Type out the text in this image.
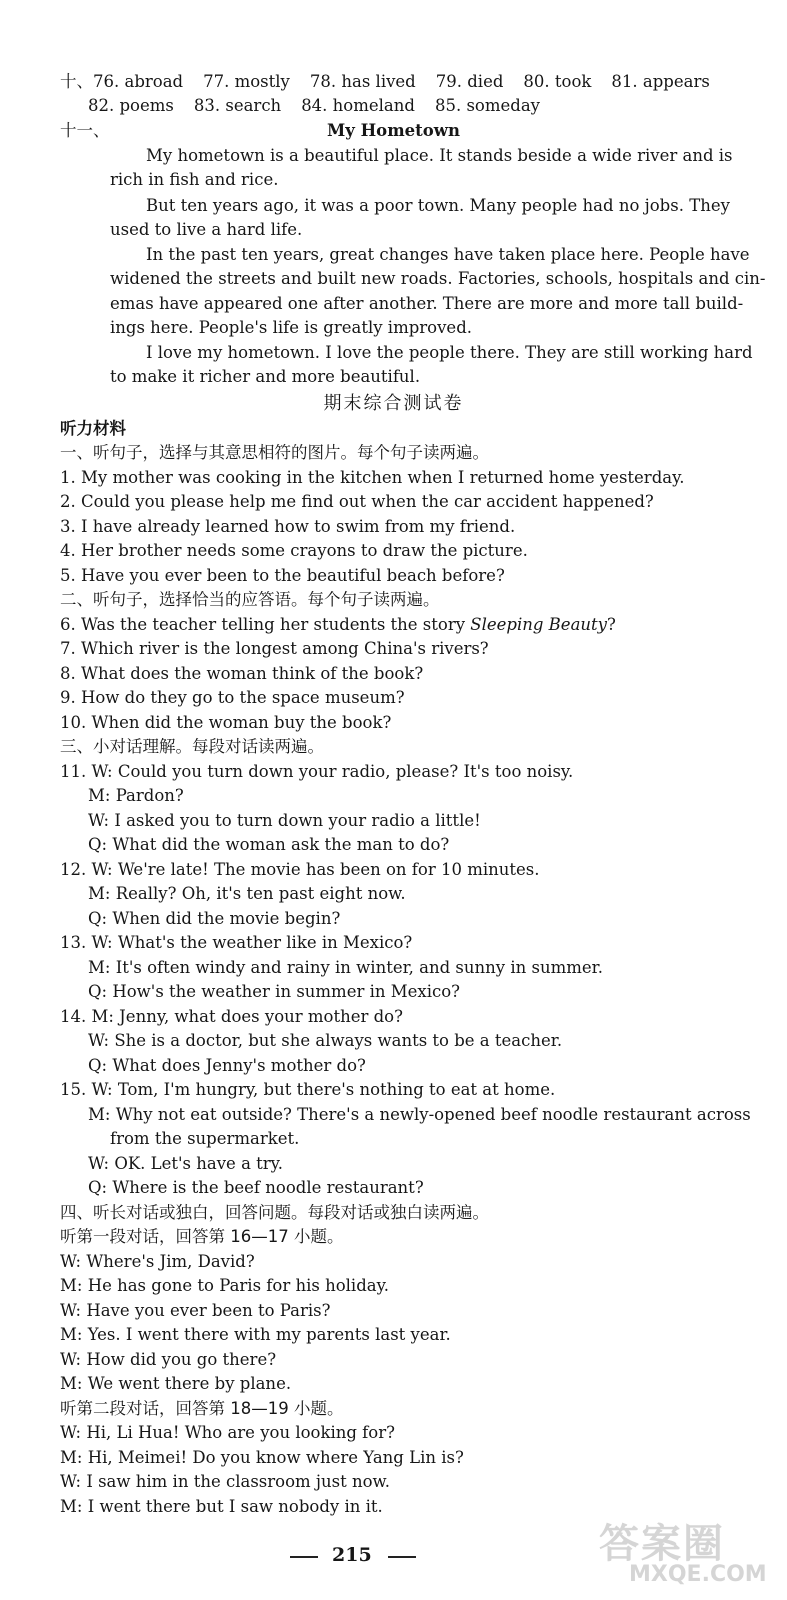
十、76. abroad 77. mostly 78. has lived 79. died 80. took 81. appears
82. poems 83. search 84. homeland 85. someday
十一、	My Hometown
My hometown is a beautiful place. It stands beside a wide river and is
rich in fish and rice.
But ten years ago, it was a poor town. Many people had no jobs. They
used to live a hard life.
In the past ten years, great changes have taken place here. People have
widened the streets and built new roads. Factories, schools, hospitals and cin-
emas have appeared one after another. There are more and more tall build-
ings here. People's life is greatly improved.
I love my hometown. I love the people there. They are still working hard
to make it richer and more beautiful.
期末综合测试卷
听力材料
一、听句子，选择与其意思相符的图片。每个句子读两遍。
1. My mother was cooking in the kitchen when I returned home yesterday.
2. Could you please help me find out when the car accident happened?
3. I have already learned how to swim from my friend.
4. Her brother needs some crayons to draw the picture.
5. Have you ever been to the beautiful beach before?
二、听句子，选择恰当的应答语。每个句子读两遍。
6. Was the teacher telling her students the story Sleeping Beauty?
7. Which river is the longest among China's rivers?
8. What does the woman think of the book?
9. How do they go to the space museum?
10. When did the woman buy the book?
三、小对话理解。每段对话读两遍。
11. W: Could you turn down your radio, please? It's too noisy.
M: Pardon?
W: I asked you to turn down your radio a little!
Q: What did the woman ask the man to do?
12. W: We're late! The movie has been on for 10 minutes.
M: Really? Oh, it's ten past eight now.
Q: When did the movie begin?
13. W: What's the weather like in Mexico?
M: It's often windy and rainy in winter, and sunny in summer.
Q: How's the weather in summer in Mexico?
14. M: Jenny, what does your mother do?
W: She is a doctor, but she always wants to be a teacher.
Q: What does Jenny's mother do?
15. W: Tom, I'm hungry, but there's nothing to eat at home.
M: Why not eat outside? There's a newly-opened beef noodle restaurant across
from the supermarket.
W: OK. Let's have a try.
Q: Where is the beef noodle restaurant?
四、听长对话或独白，回答问题。每段对话或独白读两遍。
听第一段对话，回答第 16—17 小题。
W: Where's Jim, David?
M: He has gone to Paris for his holiday.
W: Have you ever been to Paris?
M: Yes. I went there with my parents last year.
W: How did you go there?
M: We went there by plane.
听第二段对话，回答第 18—19 小题。
W: Hi, Li Hua! Who are you looking for?
M: Hi, Meimei! Do you know where Yang Lin is?
W: I saw him in the classroom just now.
M: I went there but I saw nobody in it.
215	答案圈
MXQE.COM
